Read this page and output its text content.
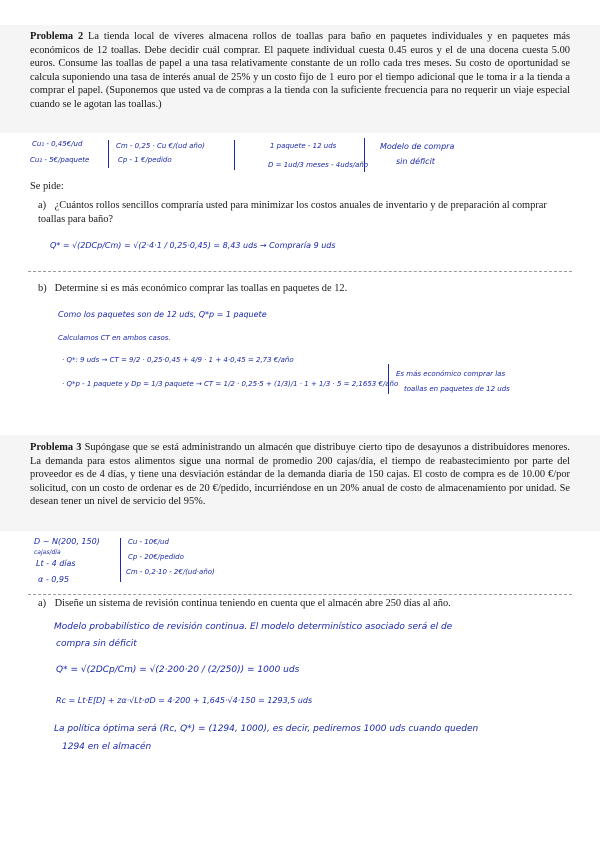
Problema 2 La tienda local de víveres almacena rollos de toallas para baño en paquetes individuales y en paquetes más económicos de 12 toallas. Debe decidir cuál comprar. El paquete individual cuesta 0.45 euros y el de una docena cuesta 5.00 euros. Consume las toallas de papel a una tasa relativamente constante de un rollo cada tres meses. Su costo de oportunidad se calcula suponiendo una tasa de interés anual de 25% y un costo fijo de 1 euro por el tiempo adicional que le toma ir a la tienda a comprar el papel. (Suponemos que usted va de compras a la tienda con la suficiente frecuencia para no requerir un viaje especial cuando se le agotan las toallas.)

Cu₁ - 0,45€/ud
Cu₂ - 5€/paquete
Cm - 0,25 · Cu €/(ud año)
Cp - 1 €/pedido
1 paquete - 12 uds
D = 1ud/3 meses - 4uds/año
Modelo de compra
sin déficit
Se pide:

a) ¿Cuántos rollos sencillos compraría usted para minimizar los costos anuales de inventario y de preparación al comprar toallas para baño?

Q* = √(2DCp/Cm) = √(2·4·1 / 0,25·0,45) = 8,43 uds → Compraría 9 uds

b) Determine si es más económico comprar las toallas en paquetes de 12.

Como los paquetes son de 12 uds, Q*p = 1 paquete
Calculamos CT en ambos casos.
· Q*: 9 uds → CT = 9/2 · 0,25·0,45 + 4/9 · 1 + 4·0,45 = 2,73 €/año
· Q*p - 1 paquete y Dp = 1/3 paquete → CT = 1/2 · 0,25·5 + (1/3)/1 · 1 + 1/3 · 5 = 2,1653 €/año
Es más económico comprar las
toallas en paquetes de 12 uds

Problema 3 Supóngase que se está administrando un almacén que distribuye cierto tipo de desayunos a distribuidores menores. La demanda para estos alimentos sigue una normal de promedio 200 cajas/día, el tiempo de reabastecimiento por parte del proveedor es de 4 días, y tiene una desviación estándar de la demanda diaria de 150 cajas. El costo de compra es de 10.00 €/por solicitud, con un costo de ordenar es de 20 €/pedido, incurriéndose en un 20% anual de costo de almacenamiento por unidad. Se desean tener un nivel de servicio del 95%.

D ~ N(200, 150)
cajas/día
Lt - 4 días
α - 0,95
Cu - 10€/ud
Cp - 20€/pedido
Cm - 0,2·10 - 2€/(ud·año)

a) Diseñe un sistema de revisión continua teniendo en cuenta que el almacén abre 250 días al año.

Modelo probabilístico de revisión continua. El modelo determinístico asociado será el de
compra sin déficit
Q* = √(2DCp/Cm) = √(2·200·20 / (2/250)) = 1000 uds
Rc = Lt·E[D] + zα·√Lt·σD = 4·200 + 1,645·√4·150 = 1293,5 uds
La política óptima será (Rc, Q*) = (1294, 1000), es decir, pediremos 1000 uds cuando queden
1294 en el almacén
